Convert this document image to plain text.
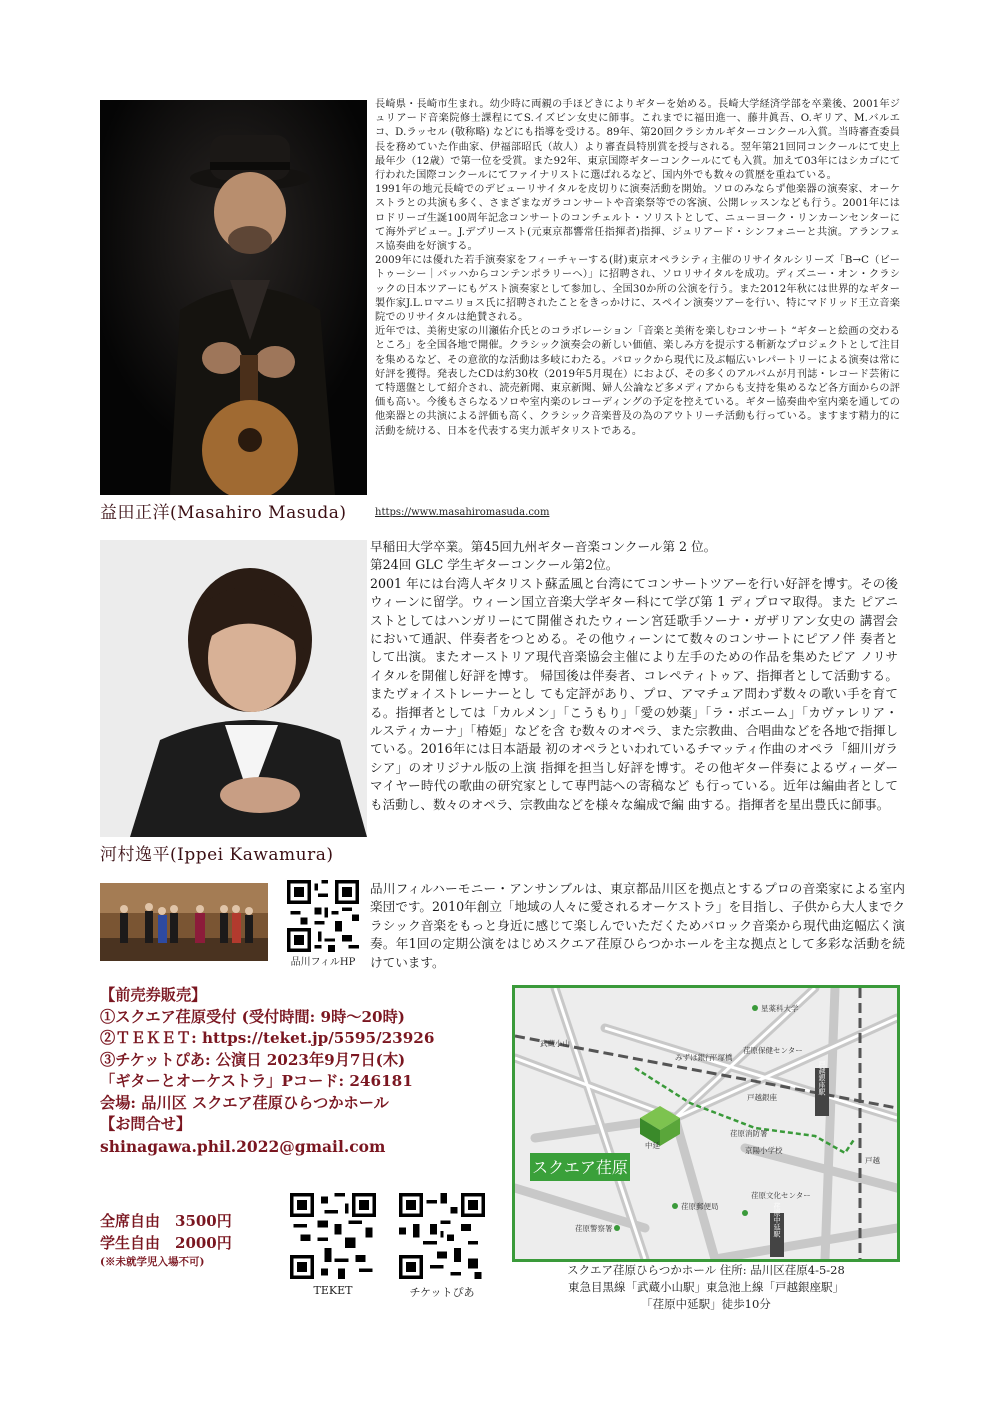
益田正洋(Masahiro Masuda)
長崎県・長崎市生まれ。幼少時に両親の手ほどきによりギターを始める。長崎大学経済学部を卒業後、2001年ジュリアード音楽院修士課程にてS.イズビン女史に師事。これまでに福田進一、藤井眞吾、O.ギリア、M.バルエコ、D.ラッセル (敬称略) などにも指導を受ける。89年、第20回クラシカルギターコンクール入賞。当時審査委員長を務めていた作曲家、伊福部昭氏（故人）より審査員特別賞を授与される。翌年第21回同コンクールにて史上最年少（12歳）で第一位を受賞。また92年、東京国際ギターコンクールにても入賞。加えて03年にはシカゴにて行われた国際コンクールにてファイナリストに選ばれるなど、国内外でも数々の賞歴を重ねている。
1991年の地元長崎でのデビューリサイタルを皮切りに演奏活動を開始。ソロのみならず他楽器の演奏家、オーケストラとの共演も多く、さまざまなガラコンサートや音楽祭等での客演、公開レッスンなども行う。2001年にはロドリーゴ生誕100周年記念コンサートのコンチェルト・ソリストとして、ニューヨーク・リンカーンセンターにて海外デビュー。J.デプリースト(元東京都響常任指揮者)指揮、ジュリアード・シンフォニーと共演。アランフェス協奏曲を好演する。
2009年には優れた若手演奏家をフィーチャーする(財)東京オペラシティ主催のリサイタルシリーズ「B→C（ビートゥーシー｜バッハからコンテンポラリーへ）」に招聘され、ソロリサイタルを成功。ディズニー・オン・クラシックの日本ツアーにもゲスト演奏家として参加し、全国30か所の公演を行う。また2012年秋には世界的なギター製作家J.L.ロマニリョス氏に招聘されたことをきっかけに、スペイン演奏ツアーを行い、特にマドリッド王立音楽院でのリサイタルは絶賛される。
近年では、美術史家の川瀬佑介氏とのコラボレーション「音楽と美術を楽しむコンサート “ギターと絵画の交わるところ」を全国各地で開催。クラシック演奏会の新しい価値、楽しみ方を提示する斬新なプロジェクトとして注目を集めるなど、その意欲的な活動は多岐にわたる。バロックから現代に及ぶ幅広いレパートリーによる演奏は常に好評を獲得。発表したCDは約30枚（2019年5月現在）におよび、その多くのアルバムが月刊誌・レコード芸術にて特選盤として紹介され、読売新聞、東京新聞、婦人公論など多メディアからも支持を集めるなど各方面からの評価も高い。今後もさらなるソロや室内楽のレコーディングの予定を控えている。ギター協奏曲や室内楽を通しての他楽器との共演による評価も高く、クラシック音楽普及の為のアウトリーチ活動も行っている。ますます精力的に活動を続ける、日本を代表する実力派ギタリストである。
https://www.masahiromasuda.com
河村逸平(Ippei Kawamura)
早稲田大学卒業。第45回九州ギター音楽コンクール第 2 位。
第24回 GLC 学生ギターコンクール第2位。
2001 年には台湾人ギタリスト蘇孟風と台湾にてコンサートツアーを行い好評を博す。その後ウィーンに留学。ウィーン国立音楽大学ギター科にて学び第 1 ディプロマ取得。また ピアニストとしてはハンガリーにて開催されたウィーン宮廷歌手ソーナ・ガザリアン女史の 講習会において通訳、伴奏者をつとめる。その他ウィーンにて数々のコンサートにピアノ伴 奏者として出演。またオーストリア現代音楽協会主催により左手のための作品を集めたピア ノリサイタルを開催し好評を博す。 帰国後は伴奏者、コレペティトゥア、指揮者として活動する。またヴォイストレーナーとし ても定評があり、プロ、アマチュア問わず数々の歌い手を育てる。指揮者としては「カルメン」「こうもり」「愛の妙薬」「ラ・ボエーム」「カヴァレリア・ルスティカーナ」「椿姫」などを含 む数々のオペラ、また宗教曲、合唱曲などを各地で指揮している。2016年には日本語最 初のオペラといわれているチマッティ作曲のオペラ「細川ガラシア」のオリジナル版の上演 指揮を担当し好評を博す。その他ギター伴奏によるヴィーダーマイヤー時代の歌曲の研究家として専門誌への寄稿など も行っている。近年は編曲者としても活動し、数々のオペラ、宗教曲などを様々な編成で編 曲する。指揮者を星出豊氏に師事。
品川フィルHP
品川フィルハーモニー・アンサンブルは、東京都品川区を拠点とするプロの音楽家による室内楽団です。2010年創立「地域の人々に愛されるオーケストラ」を目指し、子供から大人までクラシック音楽をもっと身近に感じて楽しんでいただくためバロック音楽から現代曲迄幅広く演奏。年1回の定期公演をはじめスクエア荏原ひらつかホールを主な拠点として多彩な活動を続けています。
【前売券販売】
①スクエア荏原受付 (受付時間: 9時〜20時)
②ＴＥＫＥＴ: https://teket.jp/5595/23926
③チケットぴあ: 公演日 2023年9月7日(木)
「ギターとオーケストラ」Pコード: 246181
会場: 品川区 スクエア荏原ひらつかホール
【お問合せ】
shinagawa.phil.2022@gmail.com
全席自由　3500円
学生自由　2000円
(※未就学児入場不可)
TEKET	チケットぴあ
スクエア荏原
星薬科大学
武蔵小山
みずほ銀行
平塚橋
荏原保健センター
荏原消防署
京陽小学校
戸越銀座
戸越
荏原郵便局
荏原警察署
荏原文化センター
中延
戸越銀座駅
荏原中延駅
スクエア荏原ひらつかホール 住所: 品川区荏原4-5-28
東急目黒線「武蔵小山駅」東急池上線「戸越銀座駅」
「荏原中延駅」徒歩10分
